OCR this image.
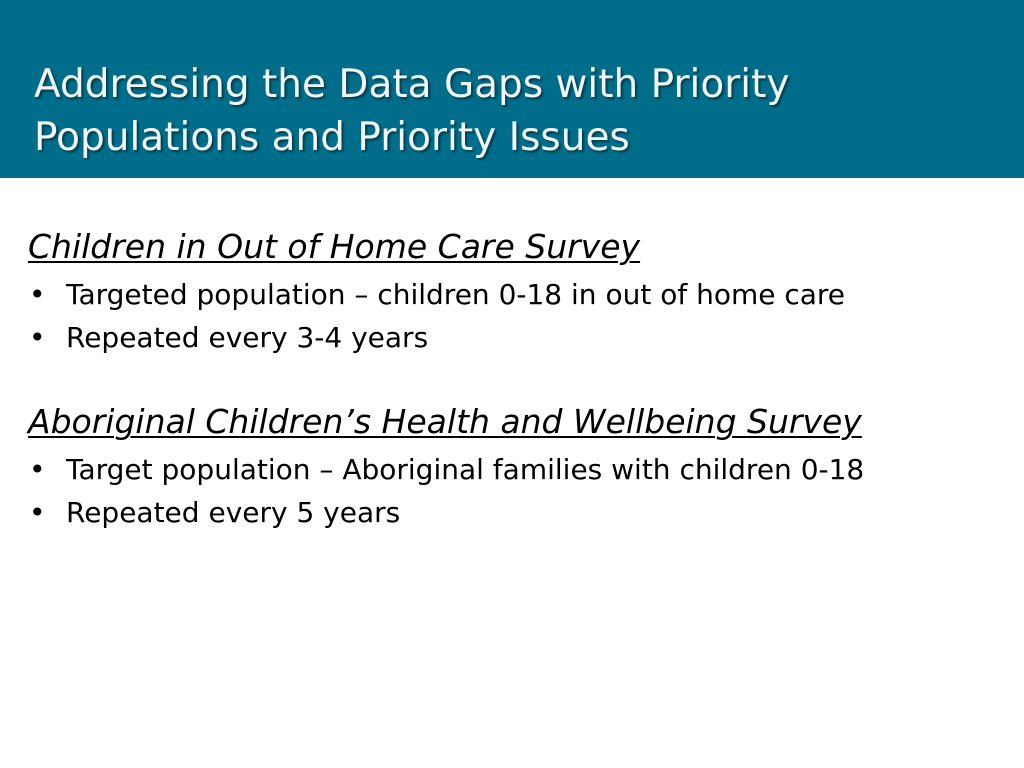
Addressing the Data Gaps with Priority Populations and Priority Issues
Children in Out of Home Care Survey
• Targeted population – children 0-18 in out of home care
• Repeated every 3-4 years
Aboriginal Children’s Health and Wellbeing Survey
• Target population – Aboriginal families with children 0-18
• Repeated every 5 years
